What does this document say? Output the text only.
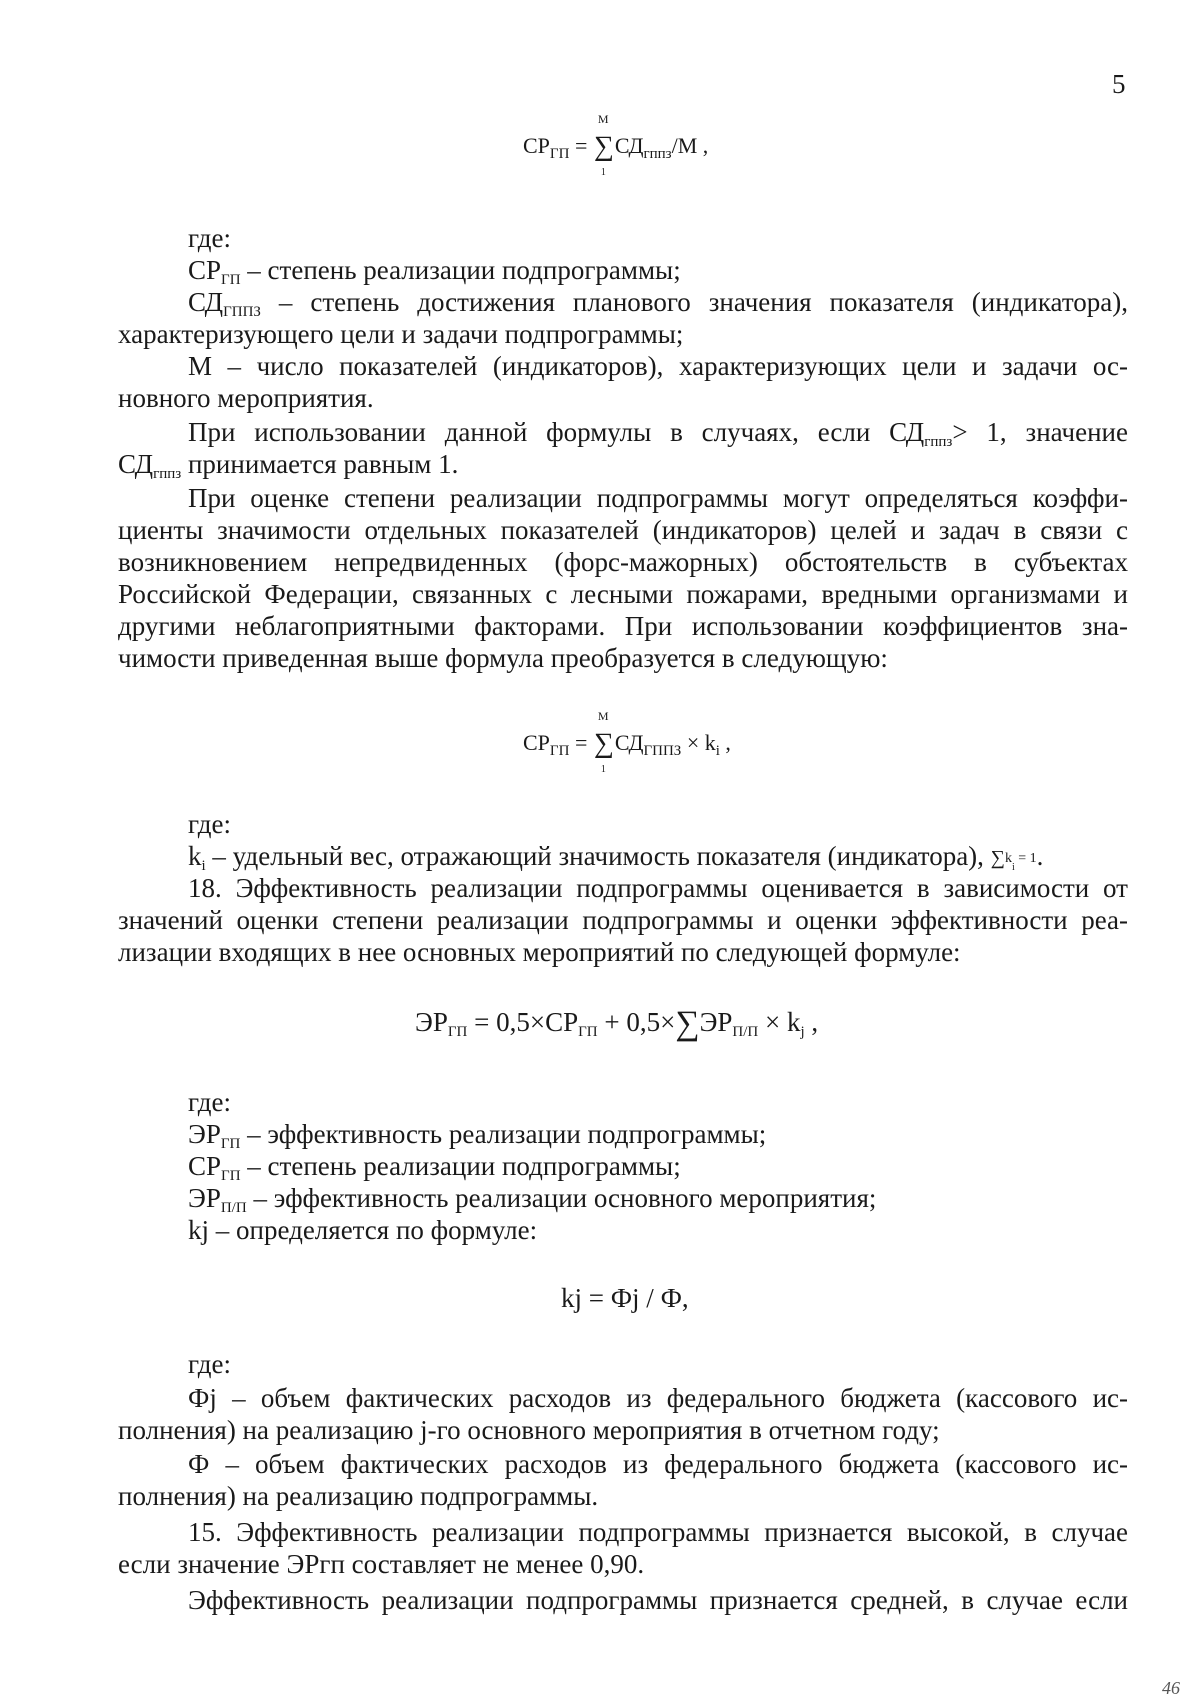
5
$СР_{ГП}$ =
М
∑
1
$СД_{гппз}/М$ ,
где:
$СР_{ГП}$ – степень реализации подпрограммы;
$СД_{ГППЗ}$ – степень достижения планового значения показателя (индикатора),
характеризующего цели и задачи подпрограммы;
М – число показателей (индикаторов), характеризующих цели и задачи ос-
новного мероприятия.
При использовании данной формулы в случаях, если $СД_{гппз}> 1$, значение
$СД_{гппз}$ принимается равным 1.
При оценке степени реализации подпрограммы могут определяться коэффи-
циенты значимости отдельных показателей (индикаторов) целей и задач в связи с
возникновением непредвиденных (форс-мажорных) обстоятельств в субъектах
Российской Федерации, связанных с лесными пожарами, вредными организмами и
другими неблагоприятными факторами. При использовании коэффициентов зна-
чимости приведенная выше формула преобразуется в следующую:
$СР_{ГП}$ =
М
∑
1
$СД_{ГППЗ} \times k_i$ ,
где:
$k_i$ – удельный вес, отражающий значимость показателя (индикатора), $\sum k_i = 1$.
18. Эффективность реализации подпрограммы оценивается в зависимости от
значений оценки степени реализации подпрограммы и оценки эффективности реа-
лизации входящих в нее основных мероприятий по следующей формуле:
$ЭР_{ГП} = 0,5\times СР_{ГП} + 0,5\times\sum ЭР_{П/П} \times k_j$ ,
где:
$ЭР_{ГП}$ – эффективность реализации подпрограммы;
$СР_{ГП}$ – степень реализации подпрограммы;
$ЭР_{П/П}$ – эффективность реализации основного мероприятия;
kj – определяется по формуле:
kj = Фj / Ф,
где:
Фj – объем фактических расходов из федерального бюджета (кассового ис-
полнения) на реализацию j-го основного мероприятия в отчетном году;
Ф – объем фактических расходов из федерального бюджета (кассового ис-
полнения) на реализацию подпрограммы.
15. Эффективность реализации подпрограммы признается высокой, в случае
если значение ЭРгп составляет не менее 0,90.
Эффективность реализации подпрограммы признается средней, в случае если
46
